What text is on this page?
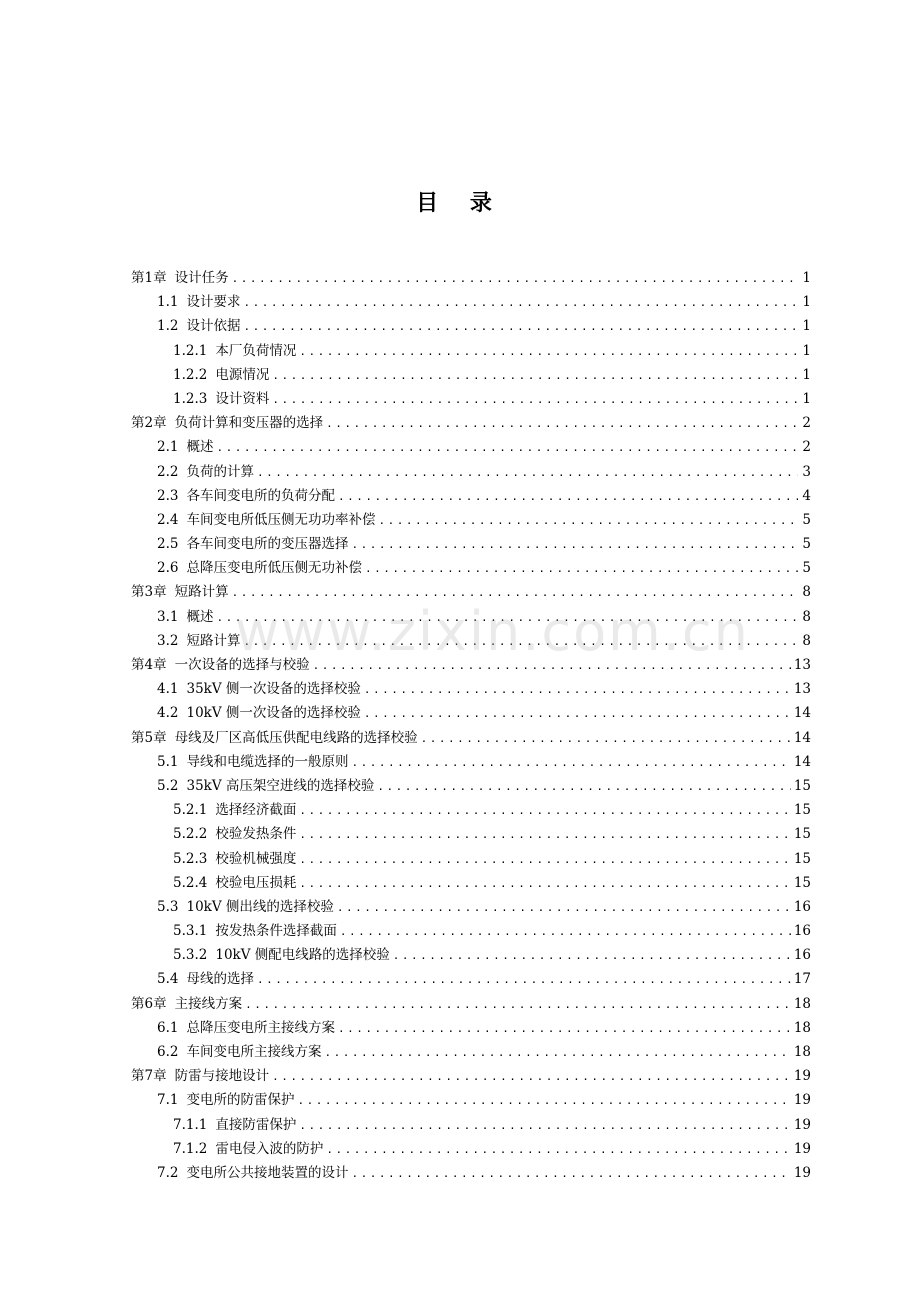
目 录
第1章 设计任务 .....	1
1.1 设计要求 .....	1
1.2 设计依据 .....	1
1.2.1 本厂负荷情况 .....	1
1.2.2 电源情况 .....	1
1.2.3 设计资料 .....	1
第2章 负荷计算和变压器的选择 .....	2
2.1 概述 .....	2
2.2 负荷的计算 .....	3
2.3 各车间变电所的负荷分配 .....	4
2.4 车间变电所低压侧无功功率补偿 .....	5
2.5 各车间变电所的变压器选择 .....	5
2.6 总降压变电所低压侧无功补偿 .....	5
第3章 短路计算 .....	8
3.1 概述 .....	8
3.2 短路计算 .....	8
第4章 一次设备的选择与校验 .....	13
4.1 35kV 侧一次设备的选择校验 .....	13
4.2 10kV 侧一次设备的选择校验 .....	14
第5章 母线及厂区高低压供配电线路的选择校验 .....	14
5.1 导线和电缆选择的一般原则 .....	14
5.2 35kV 高压架空进线的选择校验 .....	15
5.2.1 选择经济截面 .....	15
5.2.2 校验发热条件 .....	15
5.2.3 校验机械强度 .....	15
5.2.4 校验电压损耗 .....	15
5.3 10kV 侧出线的选择校验 .....	16
5.3.1 按发热条件选择截面 .....	16
5.3.2 10kV 侧配电线路的选择校验 .....	16
5.4 母线的选择 .....	17
第6章 主接线方案 .....	18
6.1 总降压变电所主接线方案 .....	18
6.2 车间变电所主接线方案 .....	18
第7章 防雷与接地设计 .....	19
7.1 变电所的防雷保护 .....	19
7.1.1 直接防雷保护 .....	19
7.1.2 雷电侵入波的防护 .....	19
7.2 变电所公共接地装置的设计 .....	19
www.zixin.com.cn
